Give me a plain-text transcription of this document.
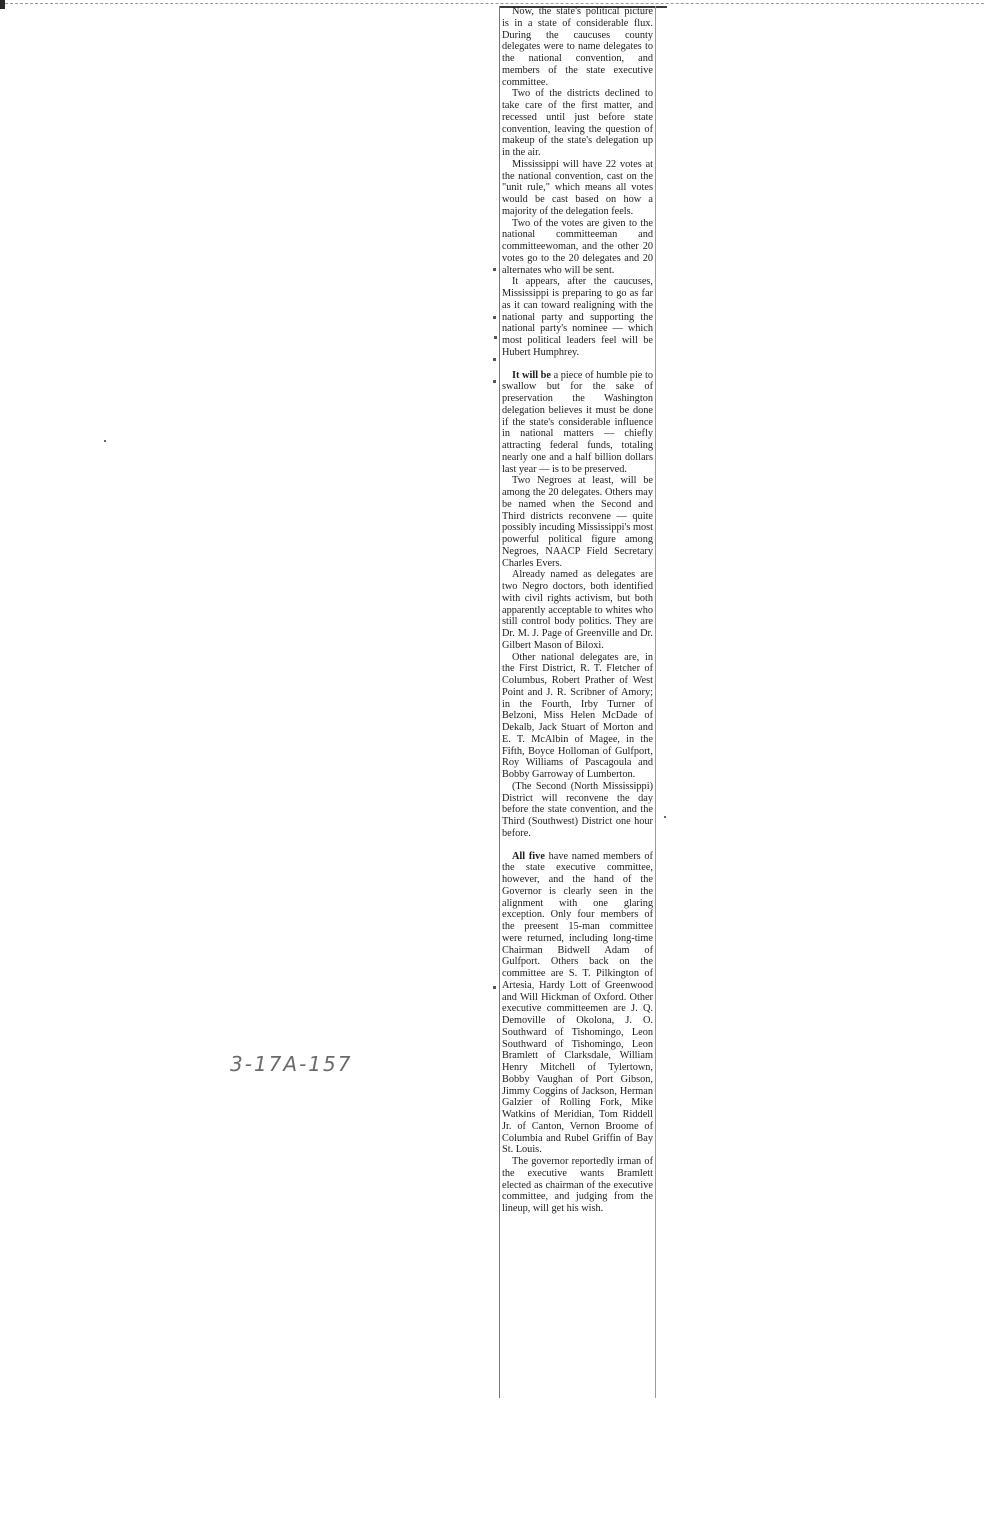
Now, the state's political picture is in a state of considerable flux. During the caucuses county delegates were to name delegates to the national convention, and members of the state executive committee.

Two of the districts declined to take care of the first matter, and recessed until just before state convention, leaving the question of makeup of the state's delegation up in the air.

Mississippi will have 22 votes at the national convention, cast on the "unit rule," which means all votes would be cast based on how a majority of the delegation feels.

Two of the votes are given to the national committeeman and committeewoman, and the other 20 votes go to the 20 delegates and 20 alternates who will be sent.

It appears, after the caucuses, Mississippi is preparing to go as far as it can toward realigning with the national party and supporting the national party's nominee — which most political leaders feel will be Hubert Humphrey.

It will be a piece of humble pie to swallow but for the sake of preservation the Washington delegation believes it must be done if the state's considerable influence in national matters — chiefly attracting federal funds, totaling nearly one and a half billion dollars last year — is to be preserved.

Two Negroes at least, will be among the 20 delegates. Others may be named when the Second and Third districts reconvene — quite possibly incuding Mississippi's most powerful political figure among Negroes, NAACP Field Secretary Charles Evers.

Already named as delegates are two Negro doctors, both identified with civil rights activism, but both apparently acceptable to whites who still control body politics. They are Dr. M. J. Page of Greenville and Dr. Gilbert Mason of Biloxi.

Other national delegates are, in the First District, R. T. Fletcher of Columbus, Robert Prather of West Point and J. R. Scribner of Amory; in the Fourth, Irby Turner of Belzoni, Miss Helen McDade of Dekalb, Jack Stuart of Morton and E. T. McAlbin of Magee, in the Fifth, Boyce Holloman of Gulfport, Roy Williams of Pascagoula and Bobby Garroway of Lumberton.

(The Second (North Mississippi) District will reconvene the day before the state convention, and the Third (Southwest) District one hour before.

All five have named members of the state executive committee, however, and the hand of the Governor is clearly seen in the alignment with one glaring exception. Only four members of the preesent 15-man committee were returned, including long-time Chairman Bidwell Adam of Gulfport. Others back on the committee are S. T. Pilkington of Artesia, Hardy Lott of Greenwood and Will Hickman of Oxford. Other executive committeemen are J. Q. Demoville of Okolona, J. O. Southward of Tishomingo, Leon Southward of Tishomingo, Leon Bramlett of Clarksdale, William Henry Mitchell of Tylertown, Bobby Vaughan of Port Gibson, Jimmy Coggins of Jackson, Herman Galzier of Rolling Fork, Mike Watkins of Meridian, Tom Riddell Jr. of Canton, Vernon Broome of Columbia and Rubel Griffin of Bay St. Louis.

The governor reportedly irman of the executive wants Bramlett elected as chairman of the executive committee, and judging from the lineup, will get his wish.

3-17A-157
